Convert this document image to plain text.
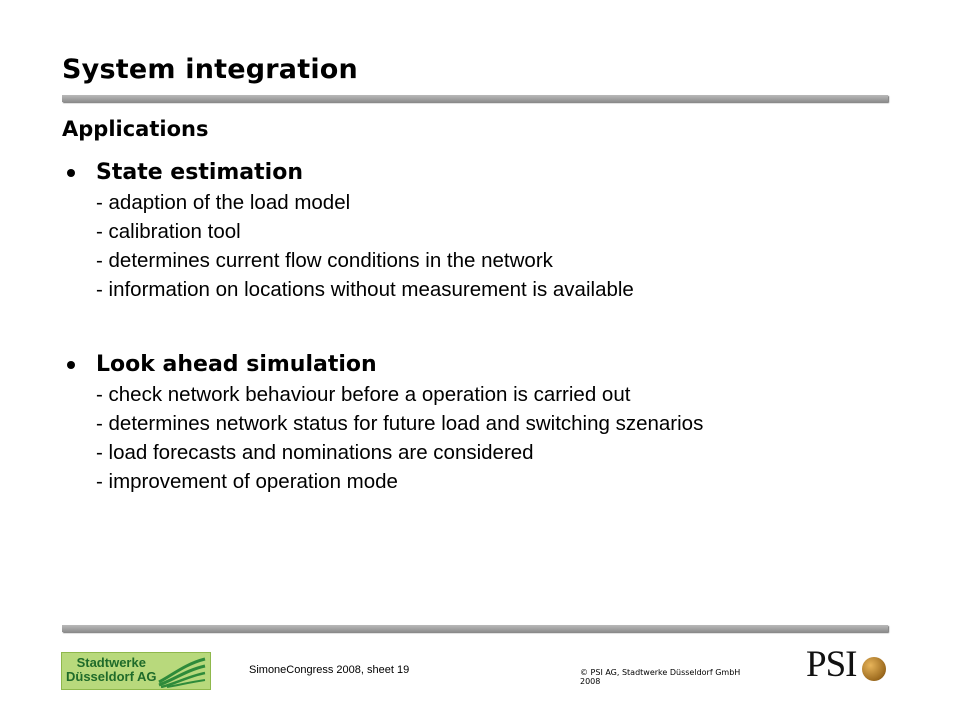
System integration
Applications
State estimation
- adaption of the load model
- calibration tool
- determines current flow conditions in the network
- information on locations without measurement is available
Look ahead simulation
- check network behaviour before a operation is carried out
- determines network status for future load and switching szenarios
- load forecasts and nominations are considered
- improvement of operation mode
Stadtwerke
Düsseldorf AG	SimoneCongress 2008, sheet 19	© PSI AG, Stadtwerke Düsseldorf GmbH
2008	PSI
